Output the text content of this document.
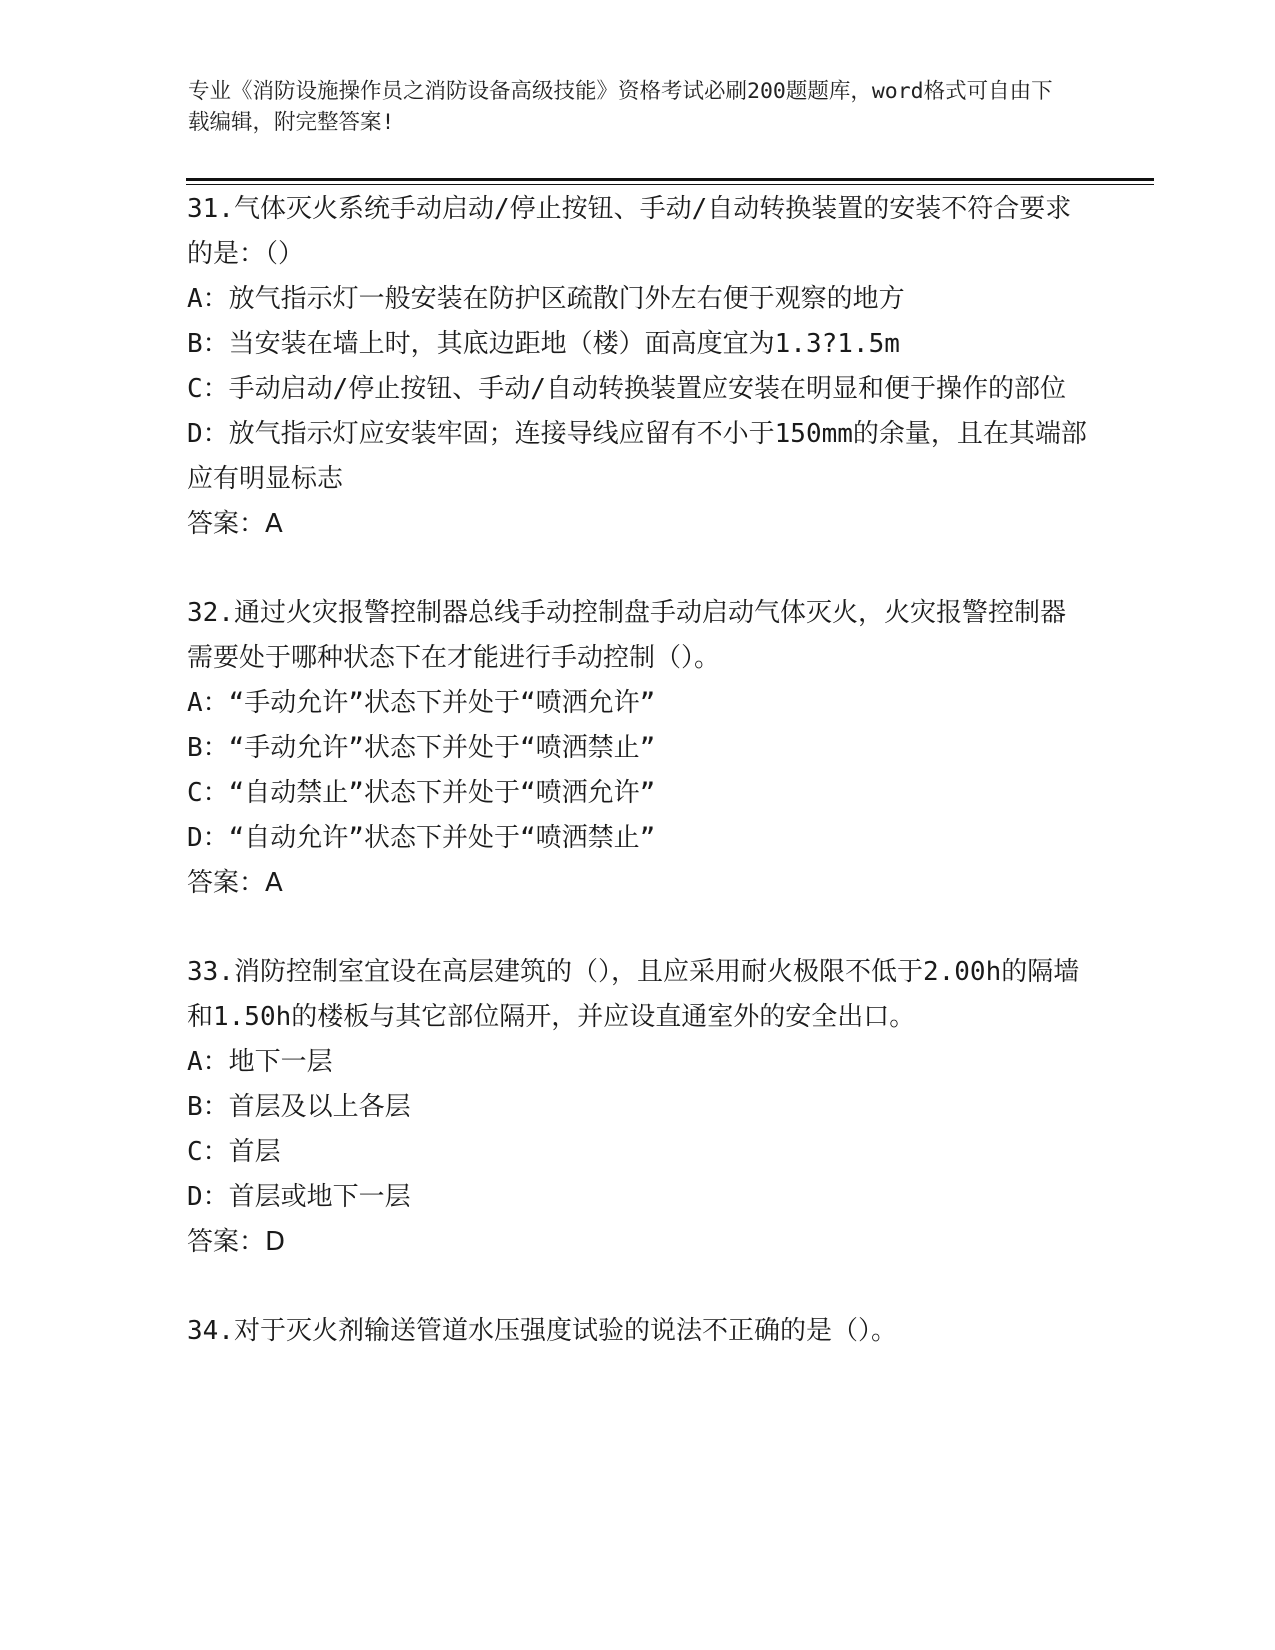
专业《消防设施操作员之消防设备高级技能》资格考试必刷200题题库，word格式可自由下载编辑，附完整答案!

31.气体灭火系统手动启动/停止按钮、手动/自动转换装置的安装不符合要求的是：（）

A：放气指示灯一般安装在防护区疏散门外左右便于观察的地方

B：当安装在墙上时，其底边距地（楼）面高度宜为1.3?1.5m

C：手动启动/停止按钮、手动/自动转换装置应安装在明显和便于操作的部位

D：放气指示灯应安装牢固；连接导线应留有不小于150mm的余量，且在其端部应有明显标志

答案：A

32.通过火灾报警控制器总线手动控制盘手动启动气体灭火，火灾报警控制器需要处于哪种状态下在才能进行手动控制（）。

A：“手动允许”状态下并处于“喷洒允许”

B：“手动允许”状态下并处于“喷洒禁止”

C：“自动禁止”状态下并处于“喷洒允许”

D：“自动允许”状态下并处于“喷洒禁止”

答案：A

33.消防控制室宜设在高层建筑的（），且应采用耐火极限不低于2.00h的隔墙和1.50h的楼板与其它部位隔开，并应设直通室外的安全出口。

A：地下一层

B：首层及以上各层

C：首层

D：首层或地下一层

答案：D

34.对于灭火剂输送管道水压强度试验的说法不正确的是（）。
